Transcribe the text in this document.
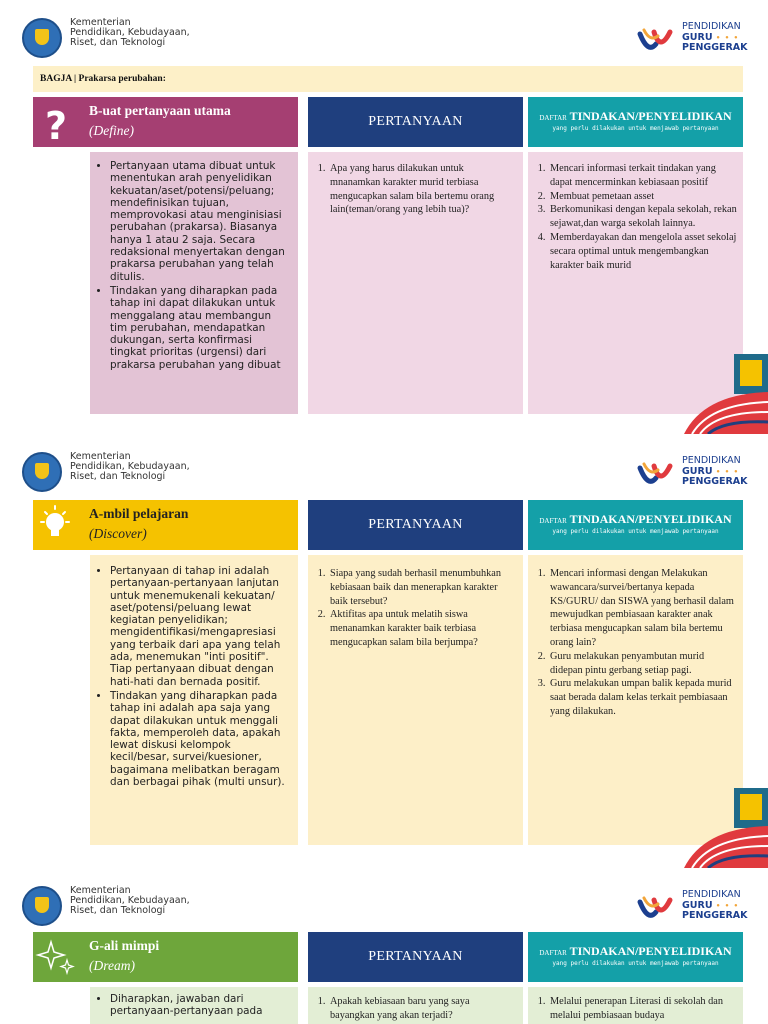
Kementerian
Pendidikan, Kebudayaan,
Riset, dan Teknologi
PENDIDIKAN
GURU • • •
PENGGERAK
BAGJA | Prakarsa perubahan:
? B-uat pertanyaan utama
(Define)
PERTANYAAN	DAFTAR TINDAKAN/PENYELIDIKAN
yang perlu dilakukan untuk menjawab pertanyaan
• Pertanyaan utama dibuat untuk menentukan arah penyelidikan kekuatan/aset/potensi/peluang; mendefinisikan tujuan, memprovokasi atau menginisiasi perubahan (prakarsa). Biasanya hanya 1 atau 2 saja. Secara redaksional menyertakan dengan prakarsa perubahan yang telah ditulis.
• Tindakan yang diharapkan pada tahap ini dapat dilakukan untuk menggalang atau membangun tim perubahan, mendapatkan dukungan, serta konfirmasi tingkat prioritas (urgensi) dari prakarsa perubahan yang dibuat
1. Apa yang harus dilakukan untuk mnanamkan karakter murid terbiasa mengucapkan salam bila bertemu orang lain(teman/orang yang lebih tua)?
1. Mencari informasi terkait tindakan yang dapat mencerminkan kebiasaan positif
2. Membuat pemetaan asset
3. Berkomunikasi dengan kepala sekolah, rekan sejawat,dan warga sekolah lainnya.
4. Memberdayakan dan mengelola asset sekolaj secara optimal untuk mengembangkan karakter baik murid
Kementerian
Pendidikan, Kebudayaan,
Riset, dan Teknologi
PENDIDIKAN
GURU • • •
PENGGERAK
A-mbil pelajaran
(Discover)
PERTANYAAN	DAFTAR TINDAKAN/PENYELIDIKAN
yang perlu dilakukan untuk menjawab pertanyaan
• Pertanyaan di tahap ini adalah pertanyaan-pertanyaan lanjutan untuk menemukenali kekuatan/ aset/potensi/peluang lewat kegiatan penyelidikan; mengidentifikasi/mengapresiasi yang terbaik dari apa yang telah ada, menemukan "inti positif". Tiap pertanyaan dibuat dengan hati-hati dan bernada positif.
• Tindakan yang diharapkan pada tahap ini adalah apa saja yang dapat dilakukan untuk menggali fakta, memperoleh data, apakah lewat diskusi kelompok kecil/besar, survei/kuesioner, bagaimana melibatkan beragam dan berbagai pihak (multi unsur).
1. Siapa yang sudah berhasil menumbuhkan kebiasaan baik dan menerapkan karakter baik tersebut?
2. Aktifitas apa untuk melatih siswa menanamkan karakter baik terbiasa mengucapkan salam bila berjumpa?
1. Mencari informasi dengan Melakukan wawancara/survei/bertanya kepada KS/GURU/ dan SISWA yang berhasil dalam mewujudkan pembiasaan karakter anak terbiasa mengucapkan salam bila bertemu orang lain?
2. Guru melakukan penyambutan murid didepan pintu gerbang setiap pagi.
3. Guru melakukan umpan balik kepada murid saat berada dalam kelas terkait pembiasaan yang dilakukan.
Kementerian
Pendidikan, Kebudayaan,
Riset, dan Teknologi
PENDIDIKAN
GURU • • •
PENGGERAK
G-ali mimpi
(Dream)
PERTANYAAN	DAFTAR TINDAKAN/PENYELIDIKAN
yang perlu dilakukan untuk menjawab pertanyaan
• Diharapkan, jawaban dari pertanyaan-pertanyaan pada
1. Apakah kebiasaan baru yang saya bayangkan yang akan terjadi?
1. Melalui penerapan Literasi di sekolah dan melalui pembiasaan budaya
